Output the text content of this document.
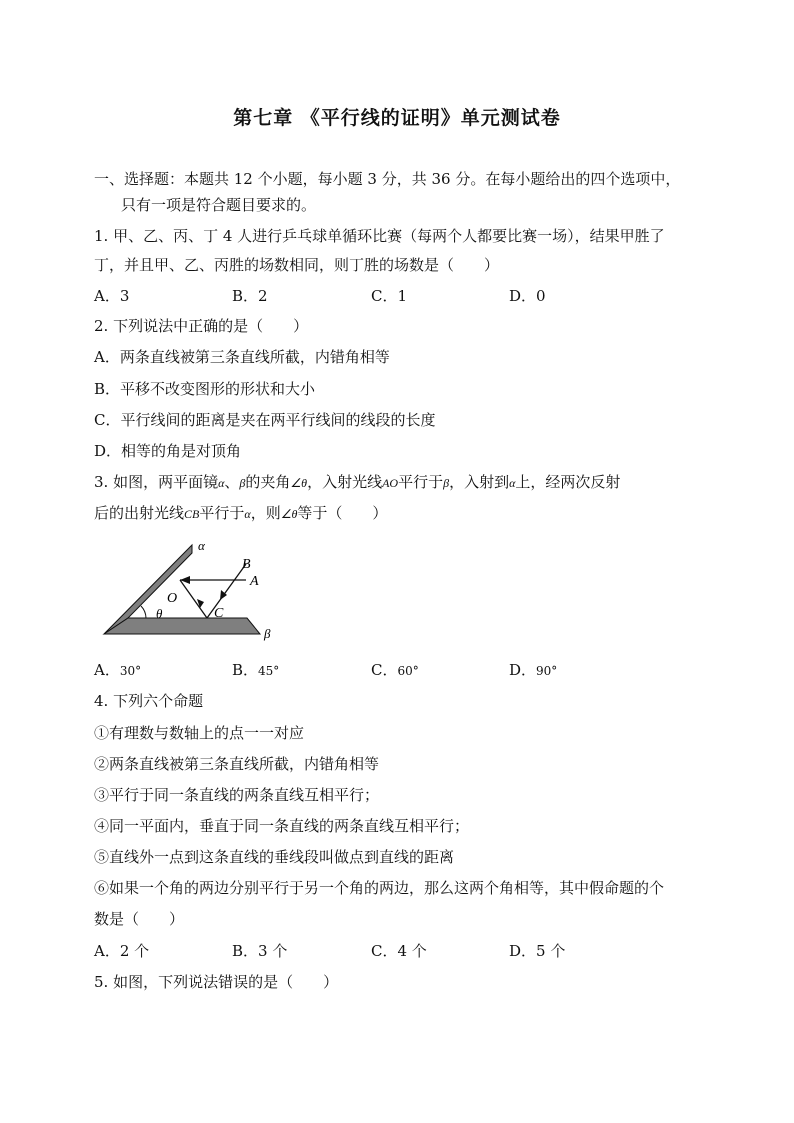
第七章 《平行线的证明》单元测试卷
一、选择题：本题共 12 个小题，每小题 3 分，共 36 分。在每小题给出的四个选项中，
只有一项是符合题目要求的。
1. 甲、乙、丙、丁 4 人进行乒乓球单循环比赛（每两个人都要比赛一场），结果甲胜了
丁，并且甲、乙、丙胜的场数相同，则丁胜的场数是（　　）
A．3	B．2	C．1	D．0
2. 下列说法中正确的是（　　）
A．两条直线被第三条直线所截，内错角相等
B．平移不改变图形的形状和大小
C．平行线间的距离是夹在两平行线间的线段的长度
D．相等的角是对顶角
3. 如图，两平面镜α、β的夹角∠θ，入射光线AO平行于β，入射到α上，经两次反射
后的出射光线CB平行于α，则∠θ等于（　　）
α
β
θ
A
B
O
C
A．30°	B．45°	C．60°	D．90°
4. 下列六个命题
①有理数与数轴上的点一一对应
②两条直线被第三条直线所截，内错角相等
③平行于同一条直线的两条直线互相平行；
④同一平面内，垂直于同一条直线的两条直线互相平行；
⑤直线外一点到这条直线的垂线段叫做点到直线的距离
⑥如果一个角的两边分别平行于另一个角的两边，那么这两个角相等，其中假命题的个
数是（　　）
A．2 个	B．3 个	C．4 个	D．5 个
5. 如图，下列说法错误的是（　　）
